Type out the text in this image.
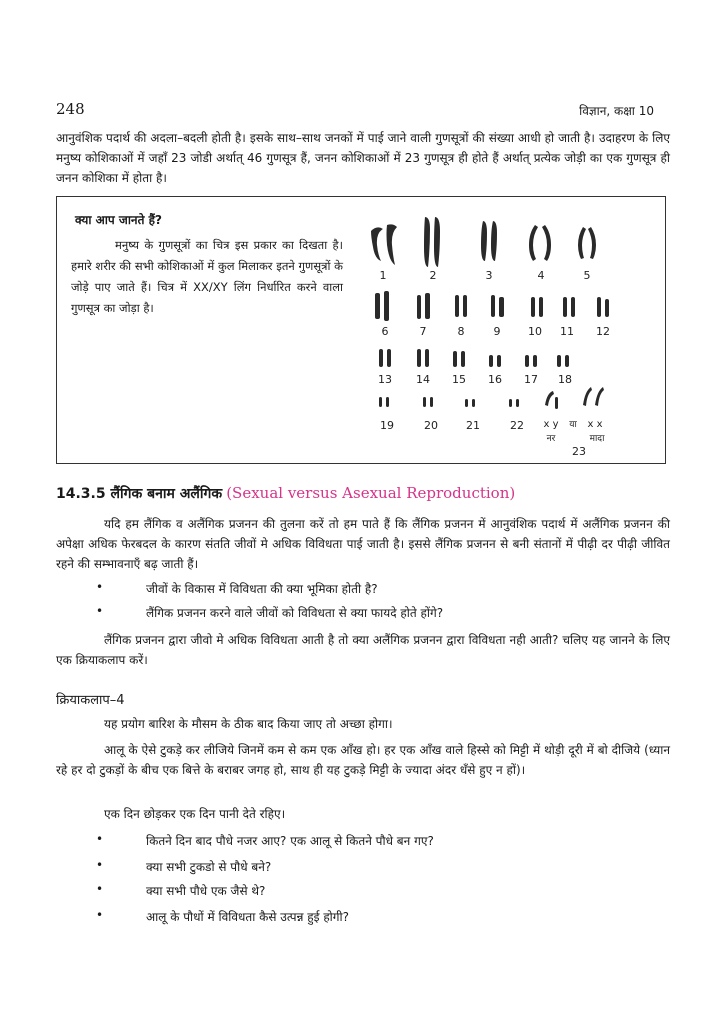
248	विज्ञान, कक्षा 10

आनुवंशिक पदार्थ की अदला–बदली होती है। इसके साथ–साथ जनकों में पाई जाने वाली गुणसूत्रों की संख्या आधी हो जाती है। उदाहरण के लिए मनुष्य कोशिकाओं में जहाँ 23 जोडी अर्थात् 46 गुणसूत्र हैं, जनन कोशिकाओं में 23 गुणसूत्र ही होते हैं अर्थात् प्रत्येक जोड़ी का एक गुणसूत्र ही जनन कोशिका में होता है।

क्या आप जानते हैं?

मनुष्य के गुणसूत्रों का चित्र इस प्रकार का दिखता है। हमारे शरीर की सभी कोशिकाओं में कुल मिलाकर इतने गुणसूत्रों के जोड़े पाए जाते हैं। चित्र में XX/XY लिंग निर्धारित करने वाला गुणसूत्र का जोड़ा है।

1	2	3	4	5
6	7	8	9	10 11 12
13 14 15 16 17 18
19	20	21	22 x y या x x
नर	मादा
23
14.3.5 लैंगिक बनाम अलैंगिक (Sexual versus Asexual Reproduction)

यदि हम लैंगिक व अलैंगिक प्रजनन की तुलना करें तो हम पाते हैं कि लैंगिक प्रजनन में आनुवंशिक पदार्थ में अलैंगिक प्रजनन की अपेक्षा अधिक फेरबदल के कारण संतति जीवों मे अधिक विविधता पाई जाती है। इससे लैंगिक प्रजनन से बनी संतानों में पीढ़ी दर पीढ़ी जीवित रहने की सम्भावनाएँ बढ़ जाती हैं।

•	जीवों के विकास में विविधता की क्या भूमिका होती है?
•	लैंगिक प्रजनन करने वाले जीवों को विविधता से क्या फायदे होते होंगे?

लैंगिक प्रजनन द्वारा जीवो मे अधिक विविधता आती है तो क्या अलैंगिक प्रजनन द्वारा विविधता नही आती? चलिए यह जानने के लिए एक क्रियाकलाप करें।

क्रियाकलाप–4

यह प्रयोग बारिश के मौसम के ठीक बाद किया जाए तो अच्छा होगा।

आलू के ऐसे टुकड़े कर लीजिये जिनमें कम से कम एक आँख हो। हर एक आँख वाले हिस्से को मिट्टी में थोड़ी दूरी में बो दीजिये (ध्यान रहे हर दो टुकड़ों के बीच एक बित्ते के बराबर जगह हो, साथ ही यह टुकड़े मिट्टी के ज्यादा अंदर धँसे हुए न हों)।

एक दिन छोड़कर एक दिन पानी देते रहिए।

•	कितने दिन बाद पौधे नजर आए? एक आलू से कितने पौधे बन गए?
•	क्या सभी टुकडो से पौधे बने?
•	क्या सभी पौधे एक जैसे थे?
•	आलू के पौधों में विविधता कैसे उत्पन्न हुई होगी?
